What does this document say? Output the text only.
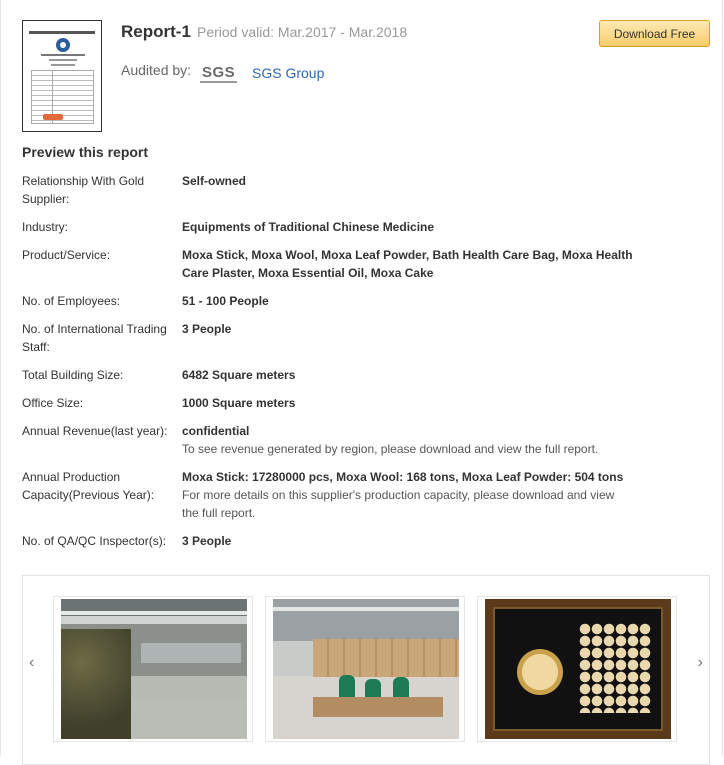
Report-1 Period valid: Mar.2017 - Mar.2018
Audited by: SGS SGS Group
Download Free
Preview this report
Relationship With Gold Supplier:
Self-owned
Industry:	Equipments of Traditional Chinese Medicine
Product/Service:	Moxa Stick, Moxa Wool, Moxa Leaf Powder, Bath Health Care Bag, Moxa Health Care Plaster, Moxa Essential Oil, Moxa Cake
No. of Employees:	51 - 100 People
No. of International Trading Staff:
3 People
Total Building Size:	6482 Square meters
Office Size:	1000 Square meters
Annual Revenue(last year):	confidential
To see revenue generated by region, please download and view the full report.
Annual Production Capacity(Previous Year):
Moxa Stick: 17280000 pcs, Moxa Wool: 168 tons, Moxa Leaf Powder: 504 tons
For more details on this supplier's production capacity, please download and view the full report.
No. of QA/QC Inspector(s):	3 People
‹	›
